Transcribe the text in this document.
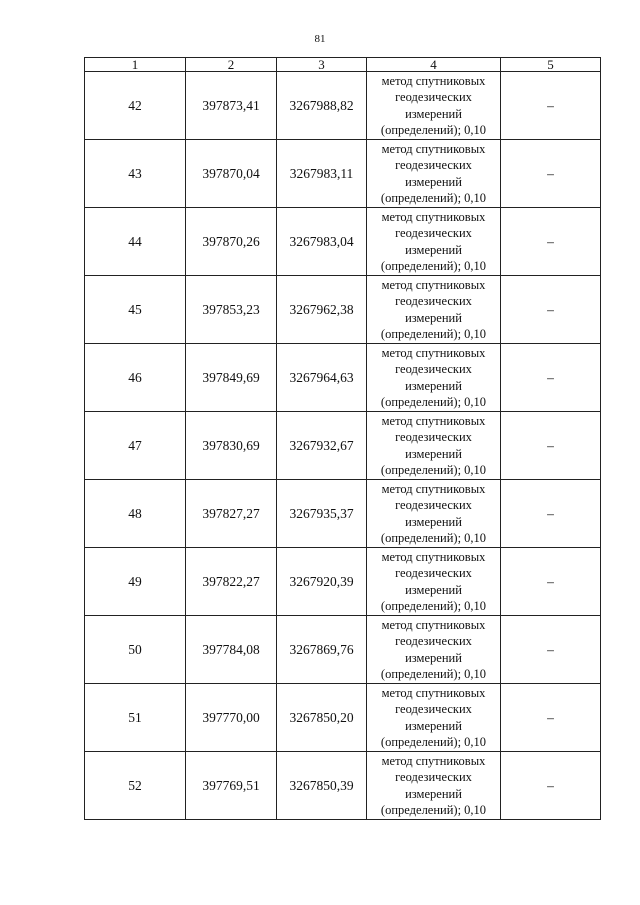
81
1	2	3	4	5
42	397873,41	3267988,82	метод спутниковых
геодезических
измерений
(определений); 0,10	–
43	397870,04	3267983,11	метод спутниковых
геодезических
измерений
(определений); 0,10	–
44	397870,26	3267983,04	метод спутниковых
геодезических
измерений
(определений); 0,10	–
45	397853,23	3267962,38	метод спутниковых
геодезических
измерений
(определений); 0,10	–
46	397849,69	3267964,63	метод спутниковых
геодезических
измерений
(определений); 0,10	–
47	397830,69	3267932,67	метод спутниковых
геодезических
измерений
(определений); 0,10	–
48	397827,27	3267935,37	метод спутниковых
геодезических
измерений
(определений); 0,10	–
49	397822,27	3267920,39	метод спутниковых
геодезических
измерений
(определений); 0,10	–
50	397784,08	3267869,76	метод спутниковых
геодезических
измерений
(определений); 0,10	–
51	397770,00	3267850,20	метод спутниковых
геодезических
измерений
(определений); 0,10	–
52	397769,51	3267850,39	метод спутниковых
геодезических
измерений
(определений); 0,10	–
